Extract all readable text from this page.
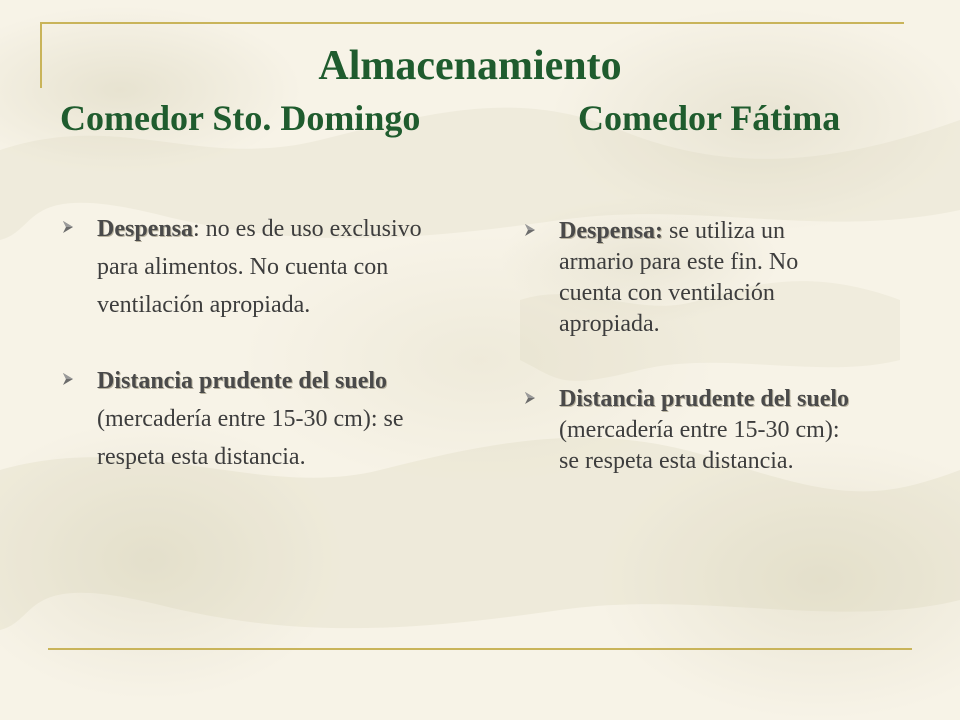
Almacenamiento
Comedor Sto. Domingo	Comedor Fátima
Despensa: no es de uso exclusivo para alimentos. No cuenta con ventilación apropiada.
Distancia prudente del suelo (mercadería entre 15-30 cm): se respeta esta distancia.
Despensa: se utiliza un armario para este fin. No cuenta con ventilación apropiada.
Distancia prudente del suelo (mercadería entre 15-30 cm): se respeta esta distancia.
